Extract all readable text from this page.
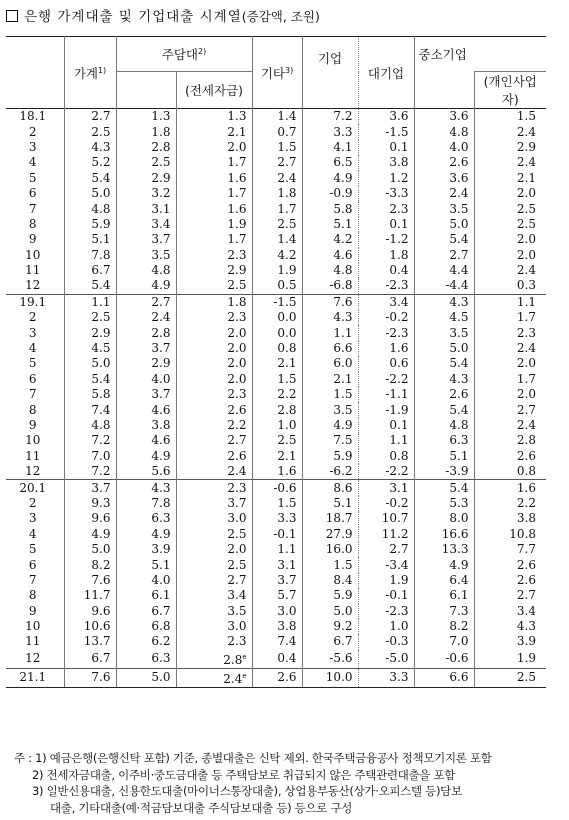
은행 가계대출 및 기업대출 시계열(증감액, 조원)
	가계$^{1)}$	주담대$^{2)}$		기타$^{3)}$	기업	대기업	중소기업	
			(전세자금)					(개인사업자)
18.1	2.7	1.3	1.3	1.4	7.2	3.6	3.6	1.5
2	2.5	1.8	2.1	0.7	3.3	-1.5	4.8	2.4
3	4.3	2.8	2.0	1.5	4.1	0.1	4.0	2.9
4	5.2	2.5	1.7	2.7	6.5	3.8	2.6	2.4
5	5.4	2.9	1.6	2.4	4.9	1.2	3.6	2.1
6	5.0	3.2	1.7	1.8	-0.9	-3.3	2.4	2.0
7	4.8	3.1	1.6	1.7	5.8	2.3	3.5	2.5
8	5.9	3.4	1.9	2.5	5.1	0.1	5.0	2.5
9	5.1	3.7	1.7	1.4	4.2	-1.2	5.4	2.0
10	7.8	3.5	2.3	4.2	4.6	1.8	2.7	2.0
11	6.7	4.8	2.9	1.9	4.8	0.4	4.4	2.4
12	5.4	4.9	2.5	0.5	-6.8	-2.3	-4.4	0.3
19.1	1.1	2.7	1.8	-1.5	7.6	3.4	4.3	1.1
2	2.5	2.4	2.3	0.0	4.3	-0.2	4.5	1.7
3	2.9	2.8	2.0	0.0	1.1	-2.3	3.5	2.3
4	4.5	3.7	2.0	0.8	6.6	1.6	5.0	2.4
5	5.0	2.9	2.0	2.1	6.0	0.6	5.4	2.0
6	5.4	4.0	2.0	1.5	2.1	-2.2	4.3	1.7
7	5.8	3.7	2.3	2.2	1.5	-1.1	2.6	2.0
8	7.4	4.6	2.6	2.8	3.5	-1.9	5.4	2.7
9	4.8	3.8	2.2	1.0	4.9	0.1	4.8	2.4
10	7.2	4.6	2.7	2.5	7.5	1.1	6.3	2.8
11	7.0	4.9	2.6	2.1	5.9	0.8	5.1	2.6
12	7.2	5.6	2.4	1.6	-6.2	-2.2	-3.9	0.8
20.1	3.7	4.3	2.3	-0.6	8.6	3.1	5.4	1.6
2	9.3	7.8	3.7	1.5	5.1	-0.2	5.3	2.2
3	9.6	6.3	3.0	3.3	18.7	10.7	8.0	3.8
4	4.9	4.9	2.5	-0.1	27.9	11.2	16.6	10.8
5	5.0	3.9	2.0	1.1	16.0	2.7	13.3	7.7
6	8.2	5.1	2.5	3.1	1.5	-3.4	4.9	2.6
7	7.6	4.0	2.7	3.7	8.4	1.9	6.4	2.6
8	11.7	6.1	3.4	5.7	5.9	-0.1	6.1	2.7
9	9.6	6.7	3.5	3.0	5.0	-2.3	7.3	3.4
10	10.6	6.8	3.0	3.8	9.2	1.0	8.2	4.3
11	13.7	6.2	2.3	7.4	6.7	-0.3	7.0	3.9
12	6.7	6.3	2.8e	0.4	-5.6	-5.0	-0.6	1.9
21.1	7.6	5.0	2.4e	2.6	10.0	3.3	6.6	2.5
주 : 1) 예금은행(은행신탁 포함) 기준, 종별대출은 신탁 제외. 한국주택금융공사 정책모기지론 포함
2) 전세자금대출, 이주비·중도금대출 등 주택담보로 취급되지 않은 주택관련대출을 포함
3) 일반신용대출, 신용한도대출(마이너스통장대출), 상업용부동산(상가·오피스텔 등)담보
대출, 기타대출(예·적금담보대출 주식담보대출 등) 등으로 구성
